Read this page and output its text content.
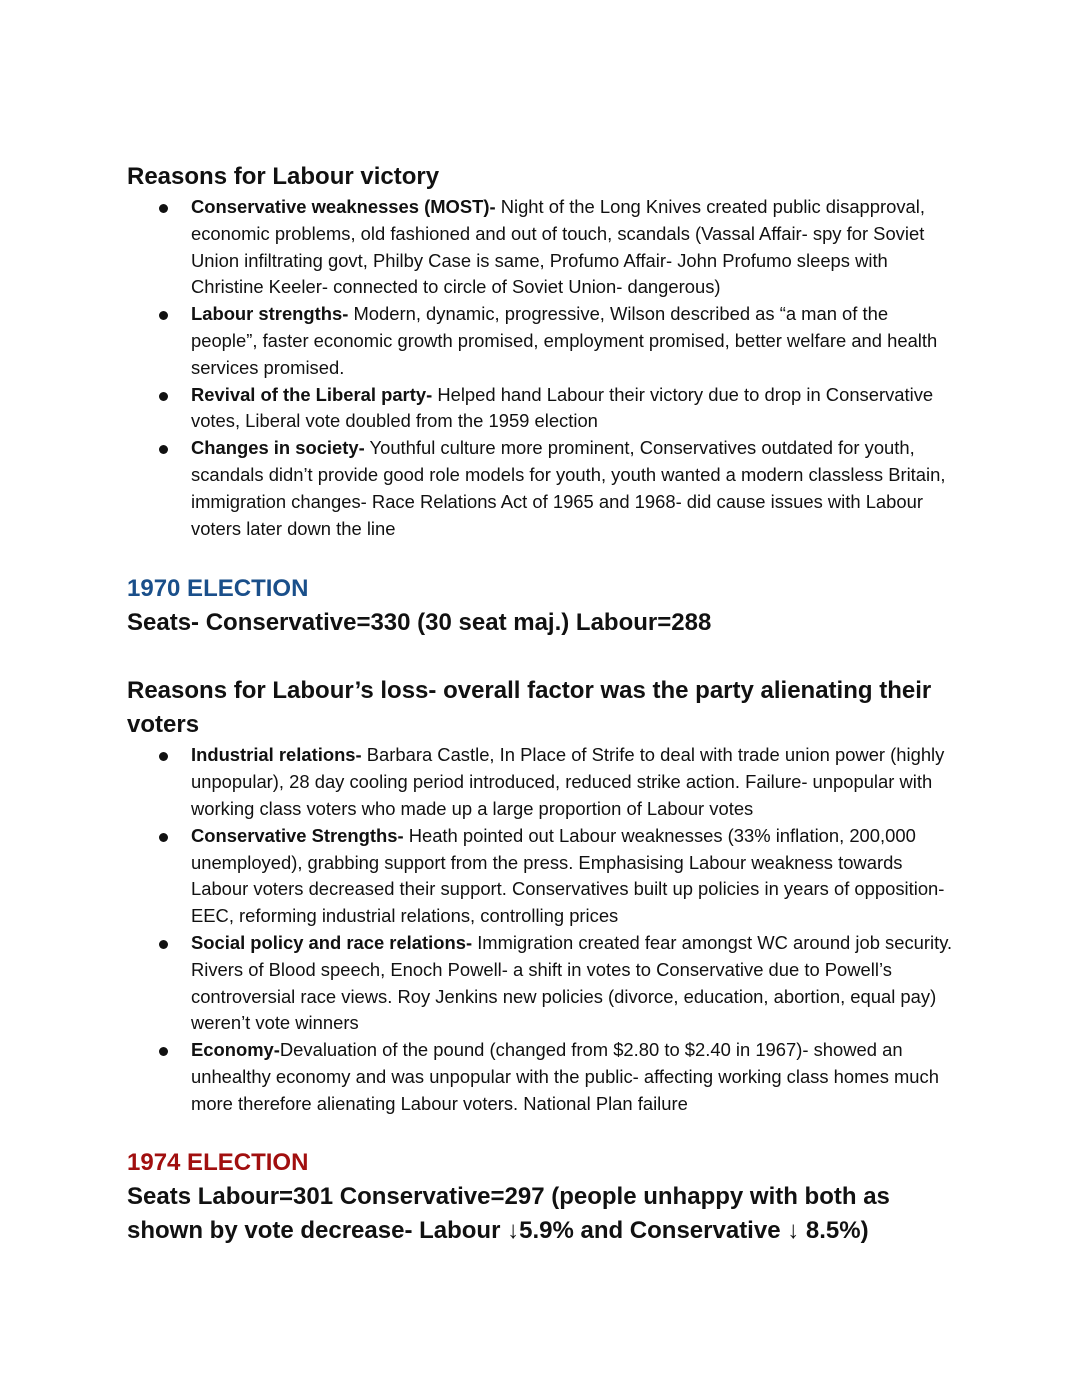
Reasons for Labour victory
Conservative weaknesses (MOST)- Night of the Long Knives created public disapproval, economic problems, old fashioned and out of touch, scandals (Vassal Affair- spy for Soviet Union infiltrating govt, Philby Case is same, Profumo Affair- John Profumo sleeps with Christine Keeler- connected to circle of Soviet Union- dangerous)
Labour strengths- Modern, dynamic, progressive, Wilson described as “a man of the people”, faster economic growth promised, employment promised, better welfare and health services promised.
Revival of the Liberal party- Helped hand Labour their victory due to drop in Conservative votes, Liberal vote doubled from the 1959 election
Changes in society- Youthful culture more prominent, Conservatives outdated for youth, scandals didn’t provide good role models for youth, youth wanted a modern classless Britain, immigration changes- Race Relations Act of 1965 and 1968- did cause issues with Labour voters later down the line
1970 ELECTION
Seats- Conservative=330 (30 seat maj.) Labour=288
Reasons for Labour’s loss- overall factor was the party alienating their voters
Industrial relations- Barbara Castle, In Place of Strife to deal with trade union power (highly unpopular), 28 day cooling period introduced, reduced strike action. Failure- unpopular with working class voters who made up a large proportion of Labour votes
Conservative Strengths- Heath pointed out Labour weaknesses (33% inflation, 200,000 unemployed), grabbing support from the press. Emphasising Labour weakness towards Labour voters decreased their support. Conservatives built up policies in years of opposition- EEC, reforming industrial relations, controlling prices
Social policy and race relations- Immigration created fear amongst WC around job security. Rivers of Blood speech, Enoch Powell- a shift in votes to Conservative due to Powell’s controversial race views. Roy Jenkins new policies (divorce, education, abortion, equal pay) weren’t vote winners
Economy-Devaluation of the pound (changed from $2.80 to $2.40 in 1967)- showed an unhealthy economy and was unpopular with the public- affecting working class homes much more therefore alienating Labour voters. National Plan failure
1974 ELECTION
Seats Labour=301 Conservative=297 (people unhappy with both as shown by vote decrease- Labour ↓5.9% and Conservative ↓ 8.5%)
